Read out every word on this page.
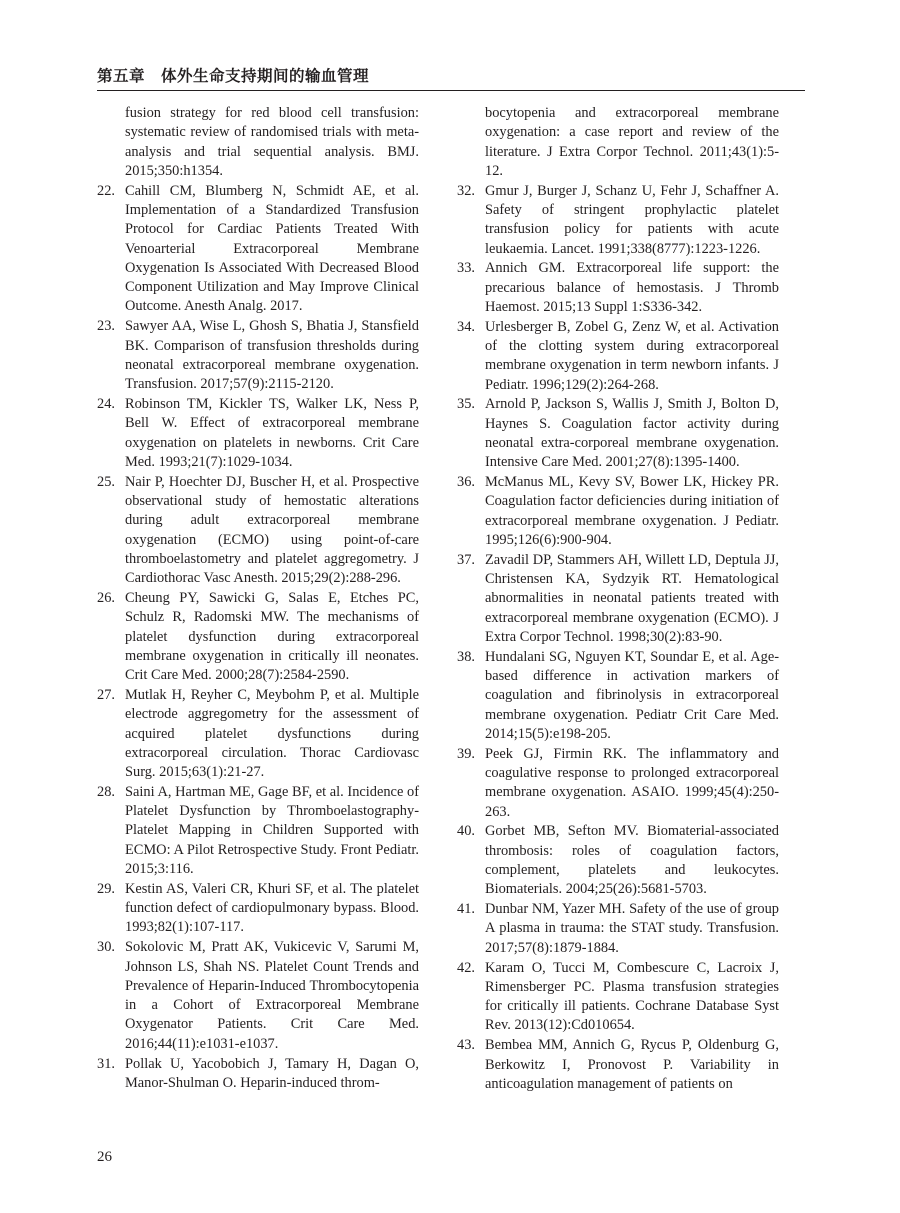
第五章　体外生命支持期间的输血管理
fusion strategy for red blood cell transfusion: systematic review of randomised trials with meta-analysis and trial sequential analysis. BMJ. 2015;350:h1354.
22. Cahill CM, Blumberg N, Schmidt AE, et al. Implementation of a Standardized Transfusion Protocol for Cardiac Patients Treated With Venoarterial Extracorporeal Membrane Oxygenation Is Associated With Decreased Blood Component Utilization and May Improve Clinical Outcome. Anesth Analg. 2017.
23. Sawyer AA, Wise L, Ghosh S, Bhatia J, Stansfield BK. Comparison of transfusion thresholds during neonatal extracorporeal membrane oxygenation. Transfusion. 2017;57(9):2115-2120.
24. Robinson TM, Kickler TS, Walker LK, Ness P, Bell W. Effect of extracorporeal membrane oxygenation on platelets in newborns. Crit Care Med. 1993;21(7):1029-1034.
25. Nair P, Hoechter DJ, Buscher H, et al. Prospective observational study of hemostatic alterations during adult extracorporeal membrane oxygenation (ECMO) using point-of-care thromboelastometry and platelet aggregometry. J Cardiothorac Vasc Anesth. 2015;29(2):288-296.
26. Cheung PY, Sawicki G, Salas E, Etches PC, Schulz R, Radomski MW. The mechanisms of platelet dysfunction during extracorporeal membrane oxygenation in critically ill neonates. Crit Care Med. 2000;28(7):2584-2590.
27. Mutlak H, Reyher C, Meybohm P, et al. Multiple electrode aggregometry for the assessment of acquired platelet dysfunctions during extracorporeal circulation. Thorac Cardiovasc Surg. 2015;63(1):21-27.
28. Saini A, Hartman ME, Gage BF, et al. Incidence of Platelet Dysfunction by Thromboelastography-Platelet Mapping in Children Supported with ECMO: A Pilot Retrospective Study. Front Pediatr. 2015;3:116.
29. Kestin AS, Valeri CR, Khuri SF, et al. The platelet function defect of cardiopulmonary bypass. Blood. 1993;82(1):107-117.
30. Sokolovic M, Pratt AK, Vukicevic V, Sarumi M, Johnson LS, Shah NS. Platelet Count Trends and Prevalence of Heparin-Induced Thrombocytopenia in a Cohort of Extracorporeal Membrane Oxygenator Patients. Crit Care Med. 2016;44(11):e1031-e1037.
31. Pollak U, Yacobobich J, Tamary H, Dagan O, Manor-Shulman O. Heparin-induced throm-
bocytopenia and extracorporeal membrane oxygenation: a case report and review of the literature. J Extra Corpor Technol. 2011;43(1):5-12.
32. Gmur J, Burger J, Schanz U, Fehr J, Schaffner A. Safety of stringent prophylactic platelet transfusion policy for patients with acute leukaemia. Lancet. 1991;338(8777):1223-1226.
33. Annich GM. Extracorporeal life support: the precarious balance of hemostasis. J Thromb Haemost. 2015;13 Suppl 1:S336-342.
34. Urlesberger B, Zobel G, Zenz W, et al. Activation of the clotting system during extracorporeal membrane oxygenation in term newborn infants. J Pediatr. 1996;129(2):264-268.
35. Arnold P, Jackson S, Wallis J, Smith J, Bolton D, Haynes S. Coagulation factor activity during neonatal extra-corporeal membrane oxygenation. Intensive Care Med. 2001;27(8):1395-1400.
36. McManus ML, Kevy SV, Bower LK, Hickey PR. Coagulation factor deficiencies during initiation of extracorporeal membrane oxygenation. J Pediatr. 1995;126(6):900-904.
37. Zavadil DP, Stammers AH, Willett LD, Deptula JJ, Christensen KA, Sydzyik RT. Hematological abnormalities in neonatal patients treated with extracorporeal membrane oxygenation (ECMO). J Extra Corpor Technol. 1998;30(2):83-90.
38. Hundalani SG, Nguyen KT, Soundar E, et al. Age-based difference in activation markers of coagulation and fibrinolysis in extracorporeal membrane oxygenation. Pediatr Crit Care Med. 2014;15(5):e198-205.
39. Peek GJ, Firmin RK. The inflammatory and coagulative response to prolonged extracorporeal membrane oxygenation. ASAIO. 1999;45(4):250-263.
40. Gorbet MB, Sefton MV. Biomaterial-associated thrombosis: roles of coagulation factors, complement, platelets and leukocytes. Biomaterials. 2004;25(26):5681-5703.
41. Dunbar NM, Yazer MH. Safety of the use of group A plasma in trauma: the STAT study. Transfusion. 2017;57(8):1879-1884.
42. Karam O, Tucci M, Combescure C, Lacroix J, Rimensberger PC. Plasma transfusion strategies for critically ill patients. Cochrane Database Syst Rev. 2013(12):Cd010654.
43. Bembea MM, Annich G, Rycus P, Oldenburg G, Berkowitz I, Pronovost P. Variability in anticoagulation management of patients on
26
